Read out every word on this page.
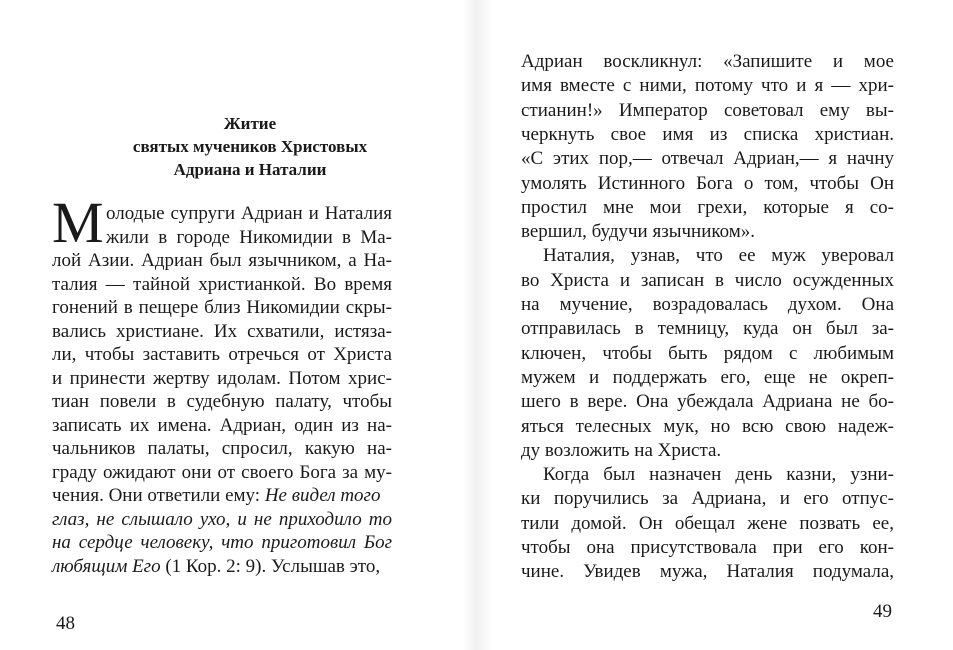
Житие
святых мучеников Христовых
Адриана и Наталии
М олодые супруги Адриан и Наталия
жили в городе Никомидии в Ма-
лой Азии. Адриан был язычником, а На-
талия — тайной христианкой. Во время
гонений в пещере близ Никомидии скры-
вались христиане. Их схватили, истяза-
ли, чтобы заставить отречься от Христа
и принести жертву идолам. Потом хрис-
тиан повели в судебную палату, чтобы
записать их имена. Адриан, один из на-
чальников палаты, спросил, какую на-
граду ожидают они от своего Бога за му-
чения. Они ответили ему: Не видел того
48
глаз, не слышало ухо, и не приходило то
на сердце человеку, что приготовил Бог
любящим Его (1 Кор. 2: 9). Услышав это,
Адриан воскликнул: «Запишите и мое
имя вместе с ними, потому что и я — хри-
стианин!» Император советовал ему вы-
черкнуть свое имя из списка христиан.
«С этих пор,— отвечал Адриан,— я начну
умолять Истинного Бога о том, чтобы Он
простил мне мои грехи, которые я со-
вершил, будучи язычником».
Наталия, узнав, что ее муж уверовал
во Христа и записан в число осужденных
на мучение, возрадовалась духом. Она
отправилась в темницу, куда он был за-
ключен, чтобы быть рядом с любимым
мужем и поддержать его, еще не окреп-
шего в вере. Она убеждала Адриана не бо-
яться телесных мук, но всю свою надеж-
ду возложить на Христа.
49
Когда был назначен день казни, узни-
ки поручились за Адриана, и его отпус-
тили домой. Он обещал жене позвать ее,
чтобы она присутствовала при его кон-
чине. Увидев мужа, Наталия подумала,
